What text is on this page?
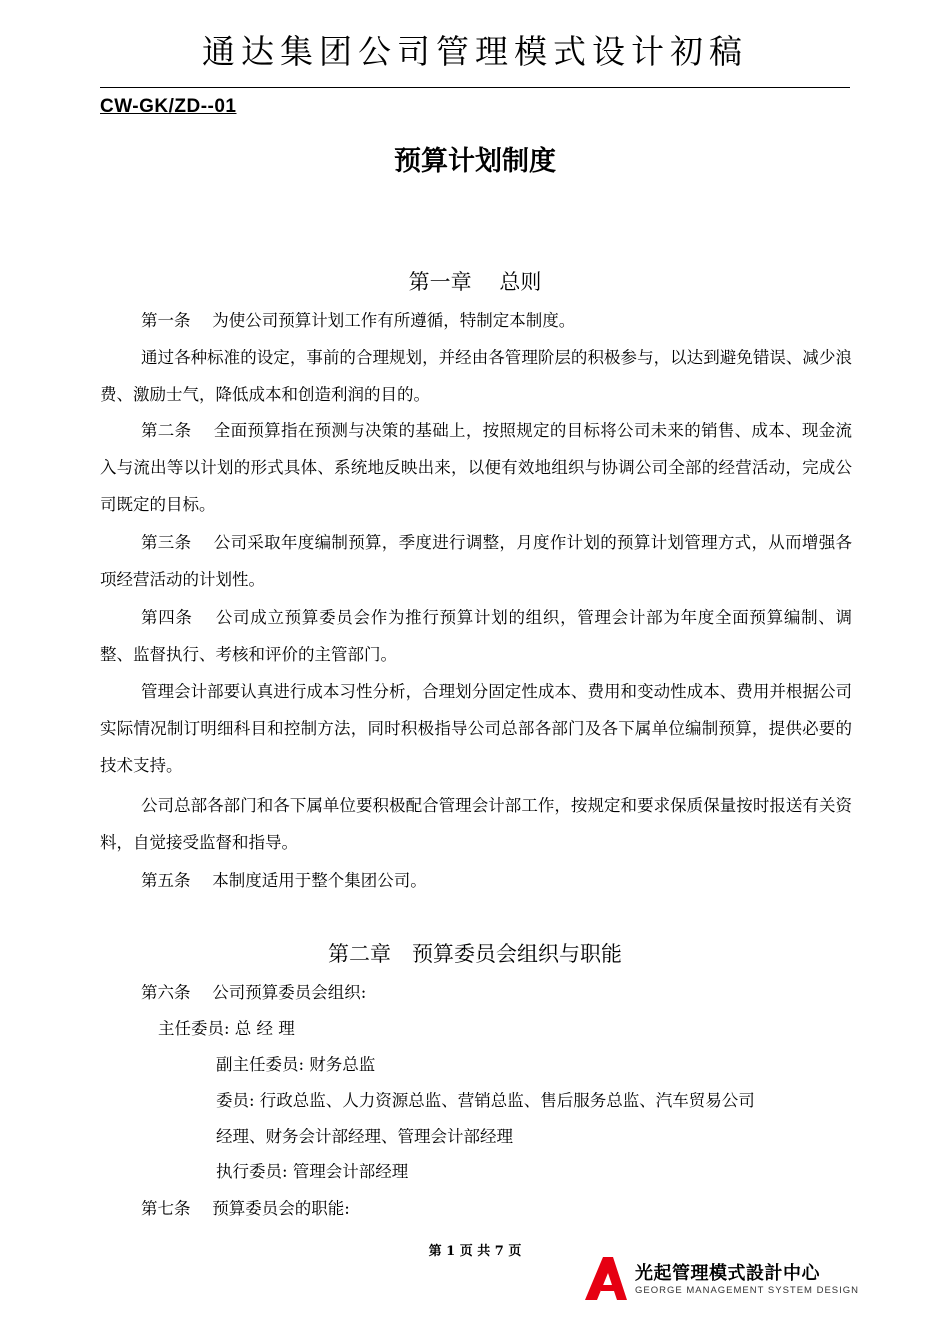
通达集团公司管理模式设计初稿
CW-GK/ZD--01
预算计划制度
第一章　 总则
第一条　 为使公司预算计划工作有所遵循，特制定本制度。
通过各种标准的设定，事前的合理规划，并经由各管理阶层的积极参与，以达到避免错误、减少浪费、激励士气，降低成本和创造利润的目的。
第二条　 全面预算指在预测与决策的基础上，按照规定的目标将公司未来的销售、成本、现金流入与流出等以计划的形式具体、系统地反映出来，以便有效地组织与协调公司全部的经营活动，完成公司既定的目标。
第三条　 公司采取年度编制预算，季度进行调整，月度作计划的预算计划管理方式，从而增强各项经营活动的计划性。
第四条　 公司成立预算委员会作为推行预算计划的组织，管理会计部为年度全面预算编制、调整、监督执行、考核和评价的主管部门。
管理会计部要认真进行成本习性分析，合理划分固定性成本、费用和变动性成本、费用并根据公司实际情况制订明细科目和控制方法，同时积极指导公司总部各部门及各下属单位编制预算，提供必要的技术支持。
公司总部各部门和各下属单位要积极配合管理会计部工作，按规定和要求保质保量按时报送有关资料，自觉接受监督和指导。
第五条　 本制度适用于整个集团公司。
第二章　预算委员会组织与职能
第六条　 公司预算委员会组织:
主任委员: 总 经 理
副主任委员: 财务总监
委员: 行政总监、人力资源总监、营销总监、售后服务总监、汽车贸易公司
经理、财务会计部经理、管理会计部经理
执行委员: 管理会计部经理
第七条　 预算委员会的职能:
第 1 页 共 7 页
光起管理模式設計中心
GEORGE MANAGEMENT SYSTEM DESIGN
